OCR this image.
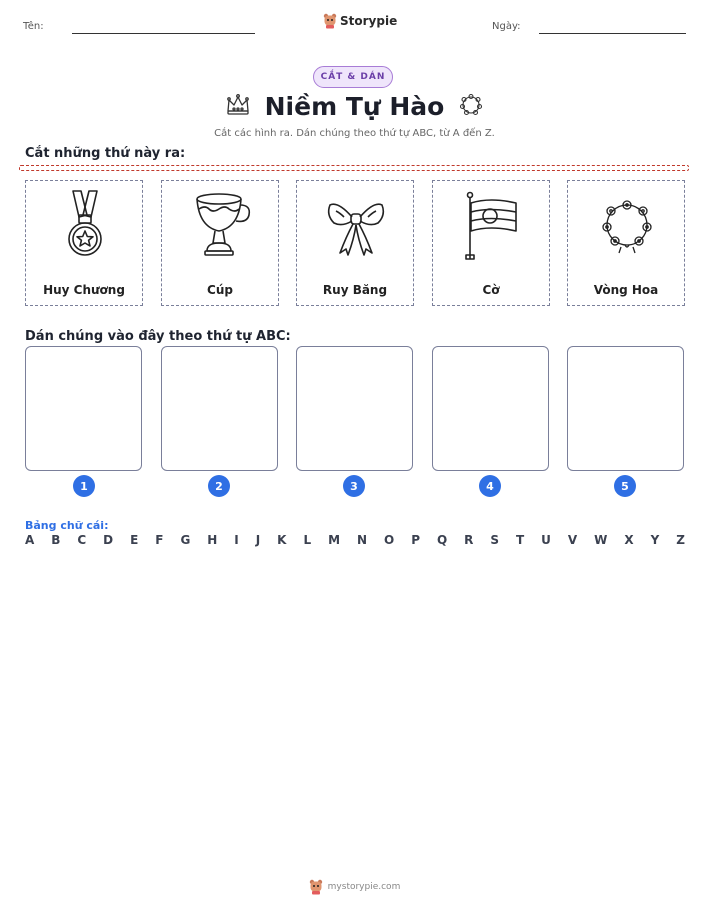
Tên:	Storypie	Ngày:
CẮT & DÁN
Niềm Tự Hào
Cắt các hình ra. Dán chúng theo thứ tự ABC, từ A đến Z.
Cắt những thứ này ra:
Huy Chương	Cúp	Ruy Băng	Cờ	Vòng Hoa
Dán chúng vào đây theo thứ tự ABC:
1	2	3	4	5
Bảng chữ cái:
A B C D E F G H I J K L M N O P Q R S T U V W X Y Z
mystorypie.com
